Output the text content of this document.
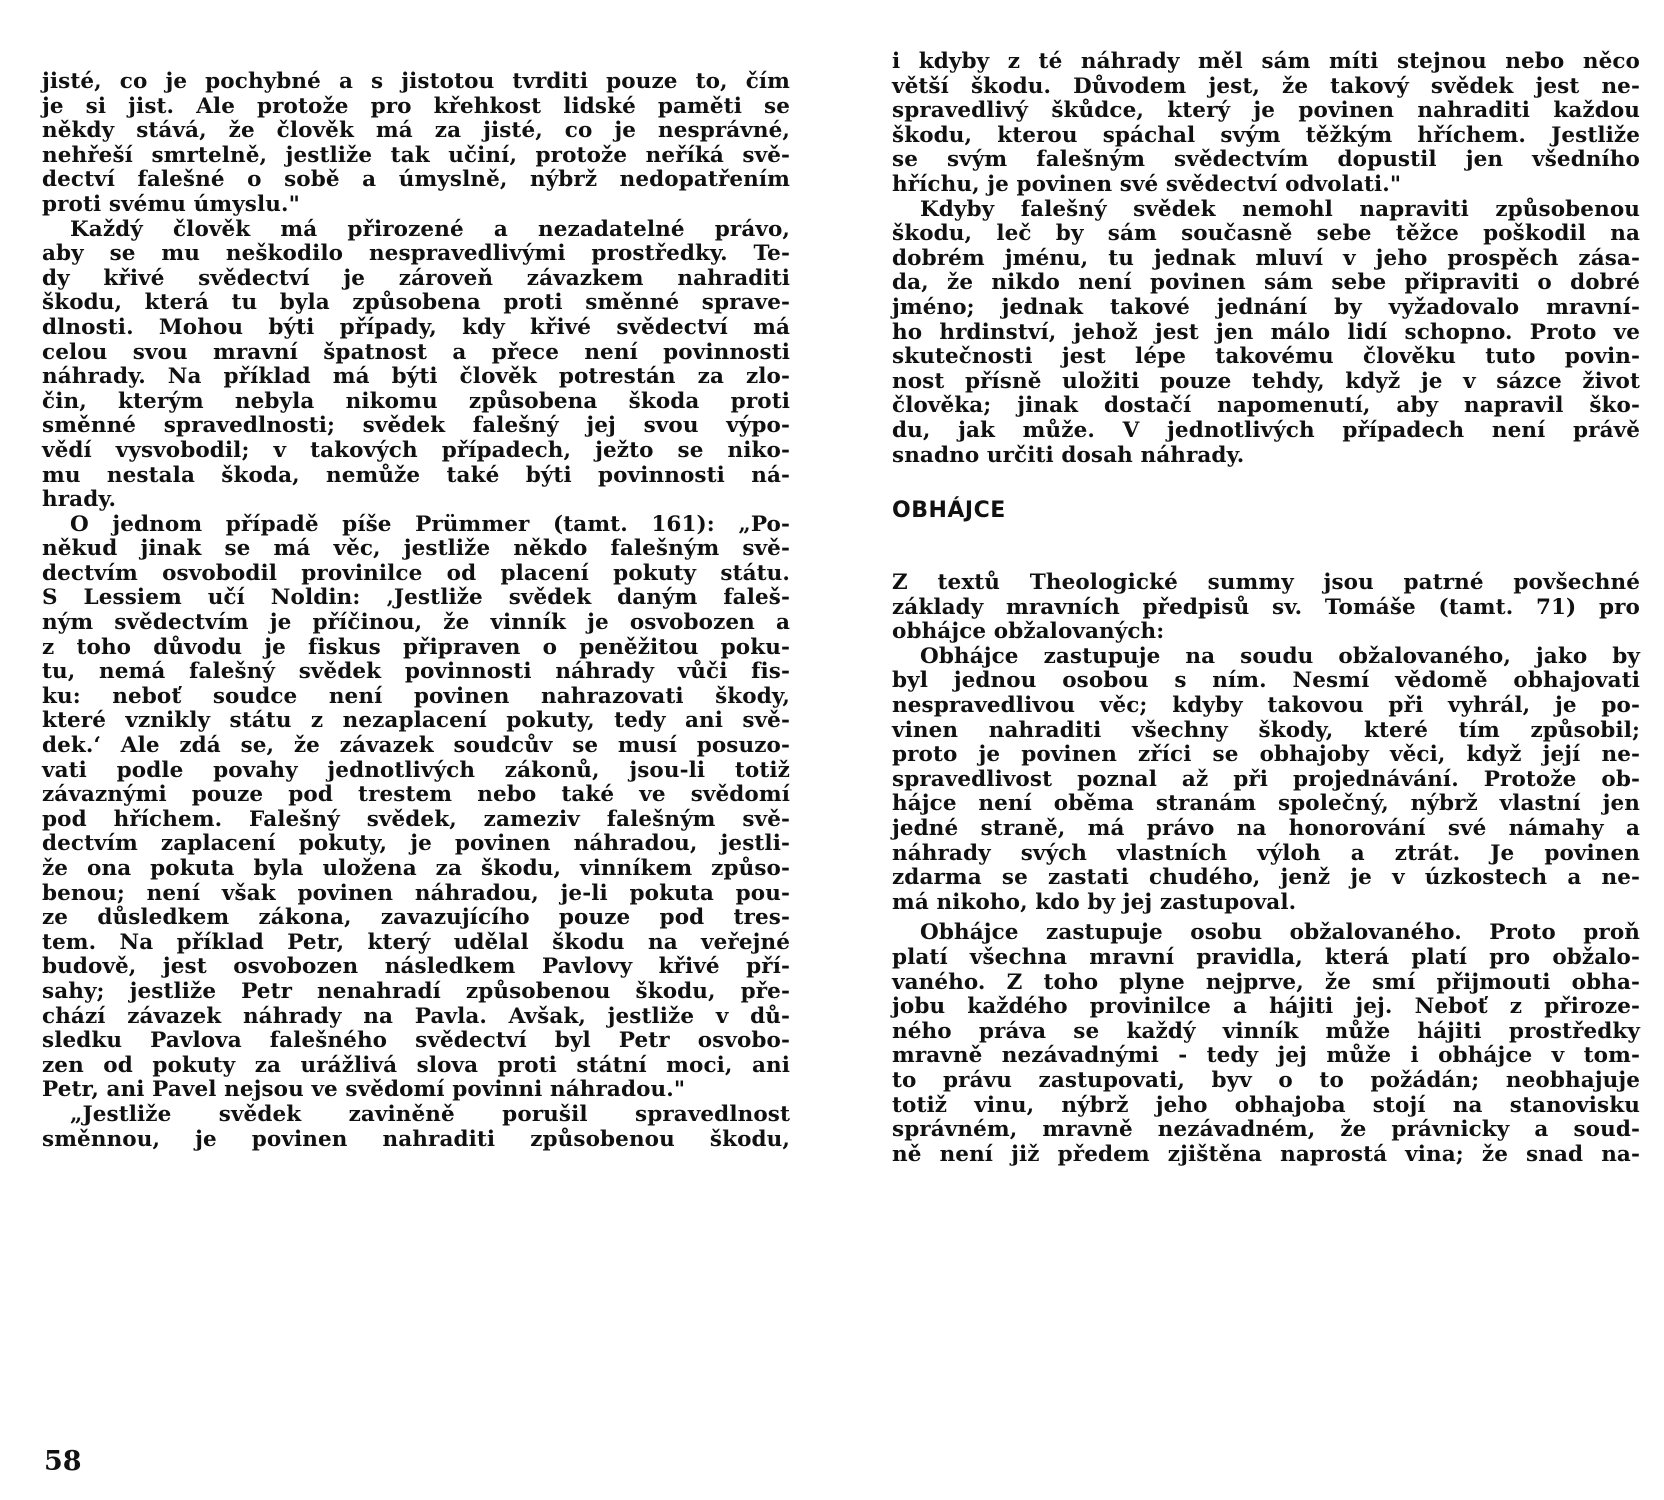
jisté, co je pochybné a s jistotou tvrditi pouze to, čím
je si jist. Ale protože pro křehkost lidské paměti se
někdy stává, že člověk má za jisté, co je nesprávné,
nehřeší smrtelně, jestliže tak učiní, protože neříká svě-
dectví falešné o sobě a úmyslně, nýbrž nedopatřením
proti svému úmyslu."
Každý člověk má přirozené a nezadatelné právo,
aby se mu neškodilo nespravedlivými prostředky. Te-
dy křivé svědectví je zároveň závazkem nahraditi
škodu, která tu byla způsobena proti směnné sprave-
dlnosti. Mohou býti případy, kdy křivé svědectví má
celou svou mravní špatnost a přece není povinnosti
náhrady. Na příklad má býti člověk potrestán za zlo-
čin, kterým nebyla nikomu způsobena škoda proti
směnné spravedlnosti; svědek falešný jej svou výpo-
vědí vysvobodil; v takových případech, ježto se niko-
mu nestala škoda, nemůže také býti povinnosti ná-
hrady.
O jednom případě píše Prümmer (tamt. 161): „Po-
někud jinak se má věc, jestliže někdo falešným svě-
dectvím osvobodil provinilce od placení pokuty státu.
S Lessiem učí Noldin: ‚Jestliže svědek daným faleš-
ným svědectvím je příčinou, že vinník je osvobozen a
z toho důvodu je fiskus připraven o peněžitou poku-
tu, nemá falešný svědek povinnosti náhrady vůči fis-
ku: neboť soudce není povinen nahrazovati škody,
které vznikly státu z nezaplacení pokuty, tedy ani svě-
dek.‘ Ale zdá se, že závazek soudcův se musí posuzo-
vati podle povahy jednotlivých zákonů, jsou-li totiž
závaznými pouze pod trestem nebo také ve svědomí
pod hříchem. Falešný svědek, zameziv falešným svě-
dectvím zaplacení pokuty, je povinen náhradou, jestli-
že ona pokuta byla uložena za škodu, vinníkem způso-
benou; není však povinen náhradou, je-li pokuta pou-
ze důsledkem zákona, zavazujícího pouze pod tres-
tem. Na příklad Petr, který udělal škodu na veřejné
budově, jest osvobozen následkem Pavlovy křivé pří-
sahy; jestliže Petr nenahradí způsobenou škodu, pře-
chází závazek náhrady na Pavla. Avšak, jestliže v dů-
sledku Pavlova falešného svědectví byl Petr osvobo-
zen od pokuty za urážlivá slova proti státní moci, ani
Petr, ani Pavel nejsou ve svědomí povinni náhradou."
„Jestliže svědek zaviněně porušil spravedlnost
směnnou, je povinen nahraditi způsobenou škodu,
i kdyby z té náhrady měl sám míti stejnou nebo něco
větší škodu. Důvodem jest, že takový svědek jest ne-
spravedlivý škůdce, který je povinen nahraditi každou
škodu, kterou spáchal svým těžkým hříchem. Jestliže
se svým falešným svědectvím dopustil jen všedního
hříchu, je povinen své svědectví odvolati."
Kdyby falešný svědek nemohl napraviti způsobenou
škodu, leč by sám současně sebe těžce poškodil na
dobrém jménu, tu jednak mluví v jeho prospěch zása-
da, že nikdo není povinen sám sebe připraviti o dobré
jméno; jednak takové jednání by vyžadovalo mravní-
ho hrdinství, jehož jest jen málo lidí schopno. Proto ve
skutečnosti jest lépe takovému člověku tuto povin-
nost přísně uložiti pouze tehdy, když je v sázce život
člověka; jinak dostačí napomenutí, aby napravil ško-
du, jak může. V jednotlivých případech není právě
snadno určiti dosah náhrady.
OBHÁJCE
Z textů Theologické summy jsou patrné povšechné
základy mravních předpisů sv. Tomáše (tamt. 71) pro
obhájce obžalovaných:
Obhájce zastupuje na soudu obžalovaného, jako by
byl jednou osobou s ním. Nesmí vědomě obhajovati
nespravedlivou věc; kdyby takovou při vyhrál, je po-
vinen nahraditi všechny škody, které tím způsobil;
proto je povinen zříci se obhajoby věci, když její ne-
spravedlivost poznal až při projednávání. Protože ob-
hájce není oběma stranám společný, nýbrž vlastní jen
jedné straně, má právo na honorování své námahy a
náhrady svých vlastních výloh a ztrát. Je povinen
zdarma se zastati chudého, jenž je v úzkostech a ne-
má nikoho, kdo by jej zastupoval.
Obhájce zastupuje osobu obžalovaného. Proto proň
platí všechna mravní pravidla, která platí pro obžalo-
vaného. Z toho plyne nejprve, že smí přijmouti obha-
jobu každého provinilce a hájiti jej. Neboť z přiroze-
ného práva se každý vinník může hájiti prostředky
mravně nezávadnými - tedy jej může i obhájce v tom-
to právu zastupovati, byv o to požádán; neobhajuje
totiž vinu, nýbrž jeho obhajoba stojí na stanovisku
správném, mravně nezávadném, že právnicky a soud-
ně není již předem zjištěna naprostá vina; že snad na-
58
